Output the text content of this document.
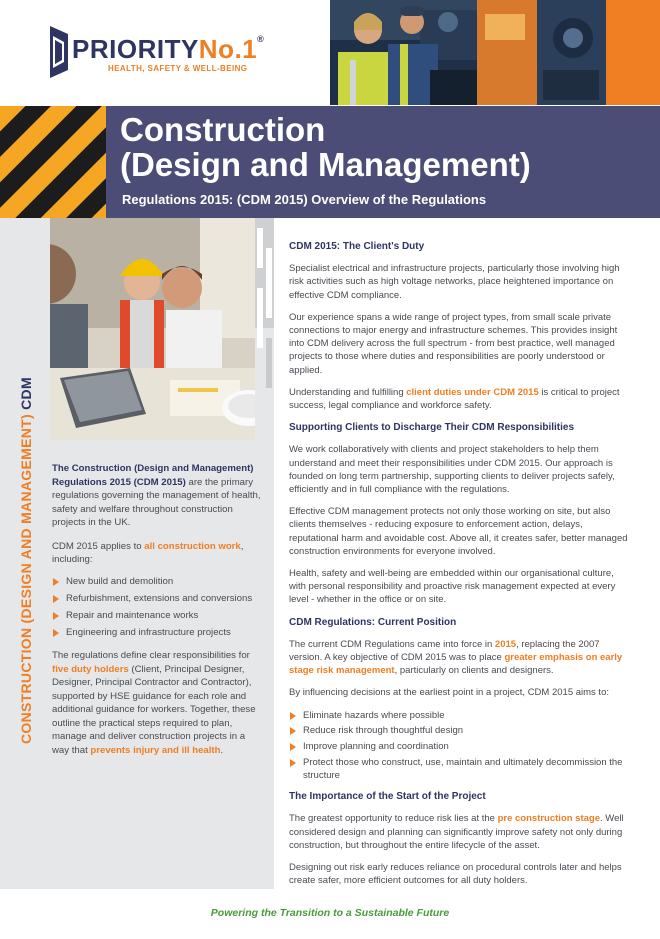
PRIORITYNo.1®
HEALTH, SAFETY & WELL-BEING
Construction
(Design and Management)
Regulations 2015: (CDM 2015) Overview of the Regulations
CONSTRUCTION (DESIGN AND MANAGEMENT) CDM

The Construction (Design and Management) Regulations 2015 (CDM 2015) are the primary regulations governing the management of health, safety and welfare throughout construction projects in the UK.

CDM 2015 applies to all construction work, including:

New build and demolition
Refurbishment, extensions and conversions
Repair and maintenance works
Engineering and infrastructure projects

The regulations define clear responsibilities for five duty holders (Client, Principal Designer, Designer, Principal Contractor and Contractor), supported by HSE guidance for each role and additional guidance for workers. Together, these outline the practical steps required to plan, manage and deliver construction projects in a way that prevents injury and ill health.

CDM 2015: The Client's Duty

Specialist electrical and infrastructure projects, particularly those involving high risk activities such as high voltage networks, place heightened importance on effective CDM compliance.

Our experience spans a wide range of project types, from small scale private connections to major energy and infrastructure schemes. This provides insight into CDM delivery across the full spectrum - from best practice, well managed projects to those where duties and responsibilities are poorly understood or applied.

Understanding and fulfilling client duties under CDM 2015 is critical to project success, legal compliance and workforce safety.

Supporting Clients to Discharge Their CDM Responsibilities

We work collaboratively with clients and project stakeholders to help them understand and meet their responsibilities under CDM 2015. Our approach is founded on long term partnership, supporting clients to deliver projects safely, efficiently and in full compliance with the regulations.

Effective CDM management protects not only those working on site, but also clients themselves - reducing exposure to enforcement action, delays, reputational harm and avoidable cost. Above all, it creates safer, better managed construction environments for everyone involved.

Health, safety and well-being are embedded within our organisational culture, with personal responsibility and proactive risk management expected at every level - whether in the office or on site.

CDM Regulations: Current Position

The current CDM Regulations came into force in 2015, replacing the 2007 version. A key objective of CDM 2015 was to place greater emphasis on early stage risk management, particularly on clients and designers.

By influencing decisions at the earliest point in a project, CDM 2015 aims to:

Eliminate hazards where possible
Reduce risk through thoughtful design
Improve planning and coordination
Protect those who construct, use, maintain and ultimately decommission the structure
The Importance of the Start of the Project

The greatest opportunity to reduce risk lies at the pre construction stage. Well considered design and planning can significantly improve safety not only during construction, but throughout the entire lifecycle of the asset.

Designing out risk early reduces reliance on procedural controls later and helps create safer, more efficient outcomes for all duty holders.

Powering the Transition to a Sustainable Future
